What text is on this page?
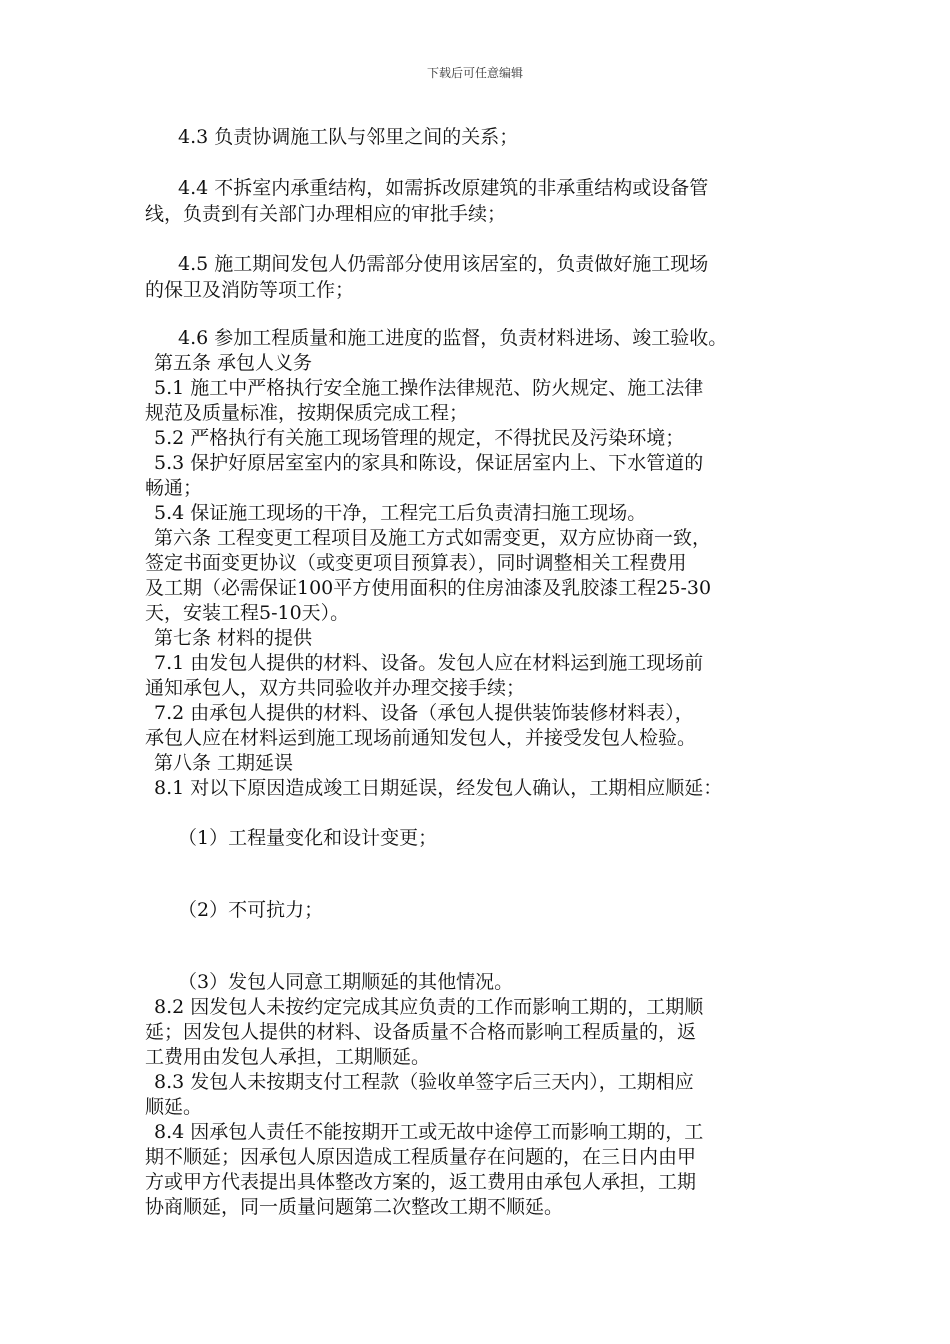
下载后可任意编辑
4.3 负责协调施工队与邻里之间的关系；
4.4 不拆室内承重结构，如需拆改原建筑的非承重结构或设备管
线，负责到有关部门办理相应的审批手续；
4.5 施工期间发包人仍需部分使用该居室的，负责做好施工现场
的保卫及消防等项工作；
4.6 参加工程质量和施工进度的监督，负责材料进场、竣工验收。
第五条 承包人义务
5.1 施工中严格执行安全施工操作法律规范、防火规定、施工法律
规范及质量标准，按期保质完成工程；
5.2 严格执行有关施工现场管理的规定，不得扰民及污染环境；
5.3 保护好原居室室内的家具和陈设，保证居室内上、下水管道的
畅通；
5.4 保证施工现场的干净，工程完工后负责清扫施工现场。
第六条 工程变更工程项目及施工方式如需变更，双方应协商一致，
签定书面变更协议（或变更项目预算表），同时调整相关工程费用
及工期（必需保证100平方使用面积的住房油漆及乳胶漆工程25-30
天，安装工程5-10天）。
第七条 材料的提供
7.1 由发包人提供的材料、设备。发包人应在材料运到施工现场前
通知承包人，双方共同验收并办理交接手续；
7.2 由承包人提供的材料、设备（承包人提供装饰装修材料表），
承包人应在材料运到施工现场前通知发包人，并接受发包人检验。
第八条 工期延误
8.1 对以下原因造成竣工日期延误，经发包人确认，工期相应顺延：
（1）工程量变化和设计变更；
（2）不可抗力；
（3）发包人同意工期顺延的其他情况。
8.2 因发包人未按约定完成其应负责的工作而影响工期的，工期顺
延；因发包人提供的材料、设备质量不合格而影响工程质量的，返
工费用由发包人承担，工期顺延。
8.3 发包人未按期支付工程款（验收单签字后三天内），工期相应
顺延。
8.4 因承包人责任不能按期开工或无故中途停工而影响工期的，工
期不顺延；因承包人原因造成工程质量存在问题的，在三日内由甲
方或甲方代表提出具体整改方案的，返工费用由承包人承担，工期
协商顺延，同一质量问题第二次整改工期不顺延。
